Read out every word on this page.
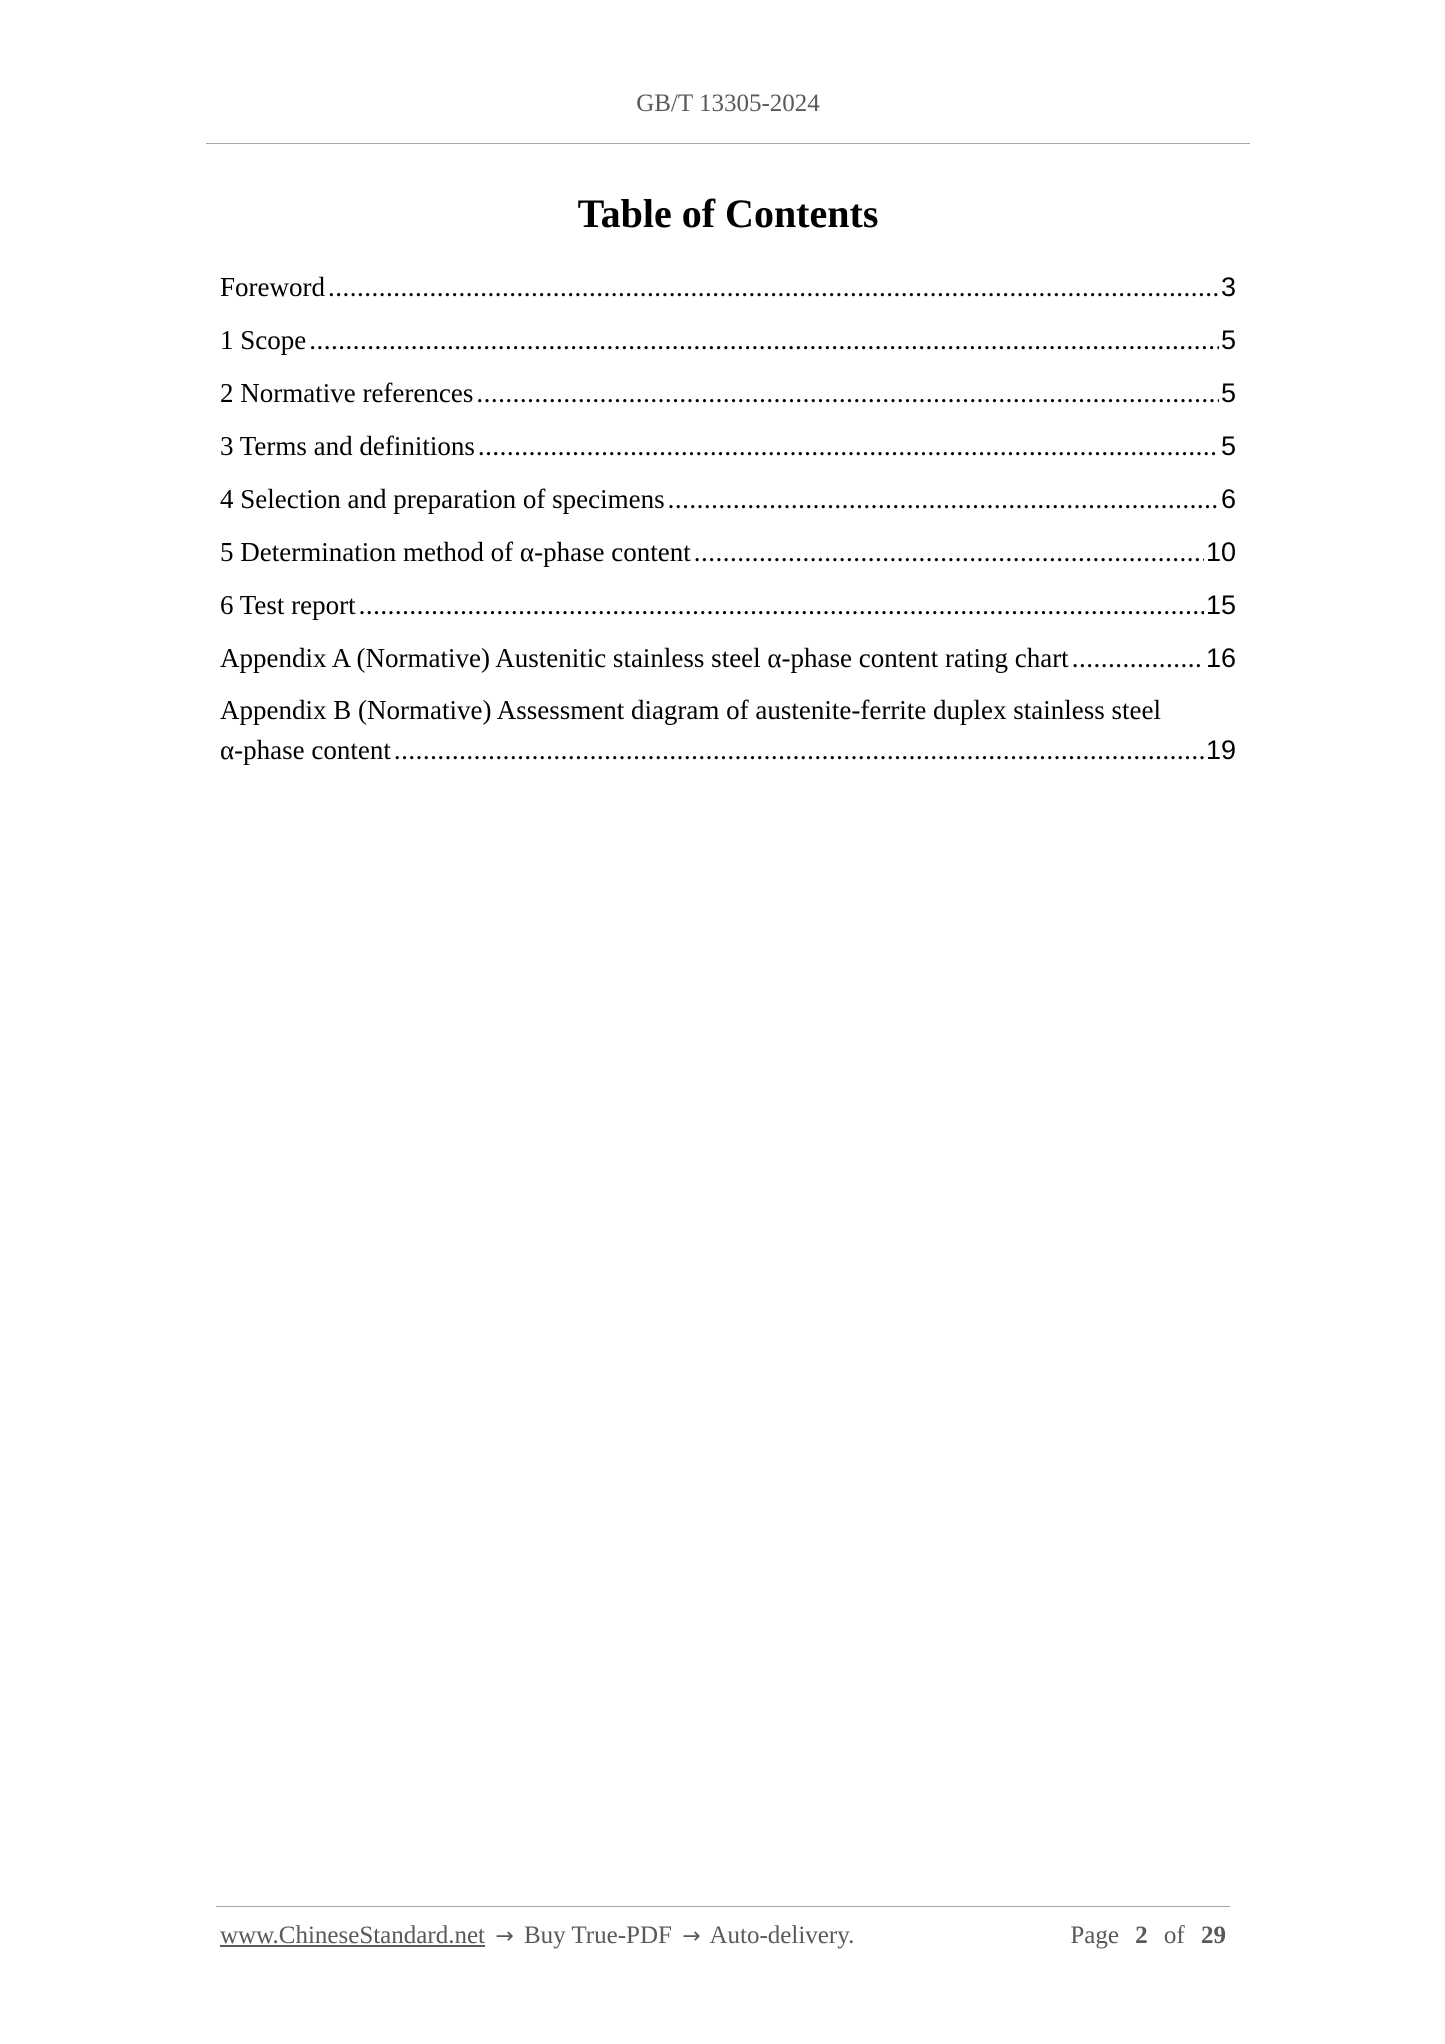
GB/T 13305-2024
Table of Contents
Foreword .....	3
1 Scope .....	5
2 Normative references .....	5
3 Terms and definitions .....	5
4 Selection and preparation of specimens .....	6
5 Determination method of α-phase content .....	10
6 Test report .....	15
Appendix A (Normative) Austenitic stainless steel α-phase content rating chart .....	16
Appendix B (Normative) Assessment diagram of austenite-ferrite duplex stainless steel
α-phase content .....	19
www.ChineseStandard.net → Buy True-PDF → Auto-delivery.	Page 2 of 29
